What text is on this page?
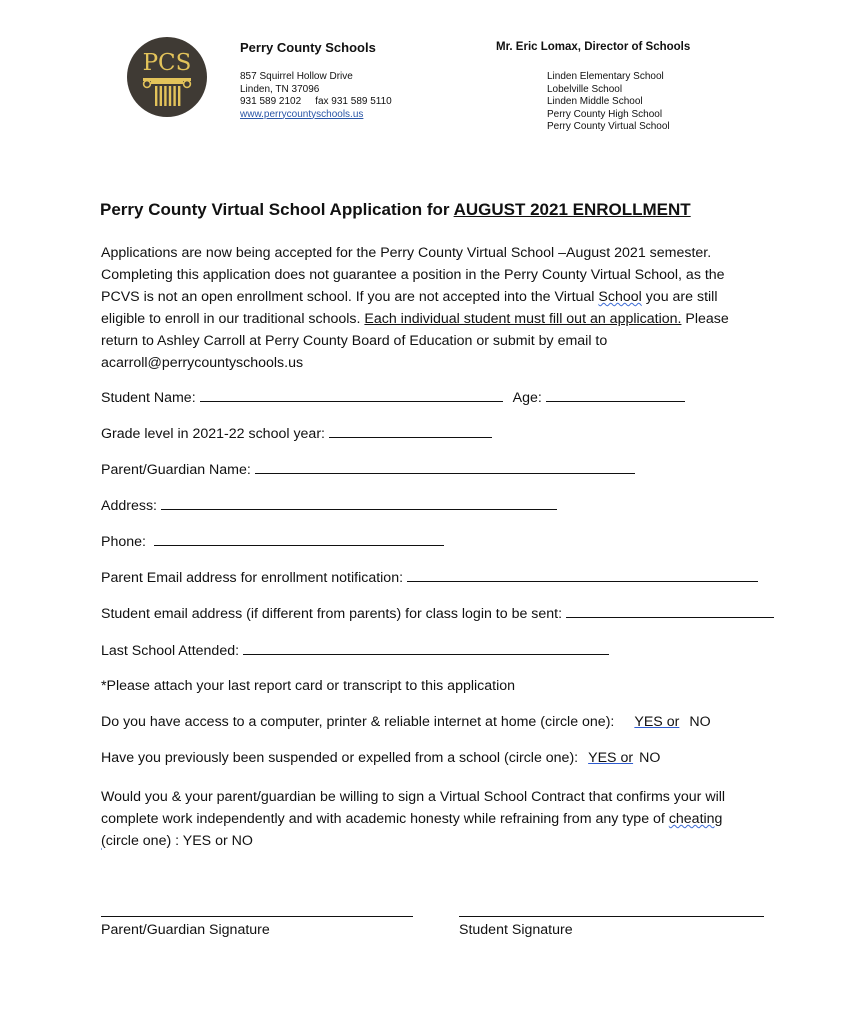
PCS
Perry County Schools
857 Squirrel Hollow Drive
Linden, TN 37096
931 589 2102 fax 931 589 5110
www.perrycountyschools.us
Mr. Eric Lomax, Director of Schools
Linden Elementary School
Lobelville School
Linden Middle School
Perry County High School
Perry County Virtual School
Perry County Virtual School Application for AUGUST 2021 ENROLLMENT
Applications are now being accepted for the Perry County Virtual School –August 2021 semester.
Completing this application does not guarantee a position in the Perry County Virtual School, as the
PCVS is not an open enrollment school. If you are not accepted into the Virtual School you are still
eligible to enroll in our traditional schools. Each individual student must fill out an application. Please
return to Ashley Carroll at Perry County Board of Education or submit by email to
acarroll@perrycountyschools.us
Student Name:	Age:
Grade level in 2021-22 school year:
Parent/Guardian Name:
Address:
Phone:
Parent Email address for enrollment notification:
Student email address (if different from parents) for class login to be sent:
Last School Attended:
*Please attach your last report card or transcript to this application
Do you have access to a computer, printer & reliable internet at home (circle one): YES or NO
Have you previously been suspended or expelled from a school (circle one): YES or NO
Would you & your parent/guardian be willing to sign a Virtual School Contract that confirms your will
complete work independently and with academic honesty while refraining from any type of cheating
(circle one) : YES or NO
Parent/Guardian Signature	Student Signature
